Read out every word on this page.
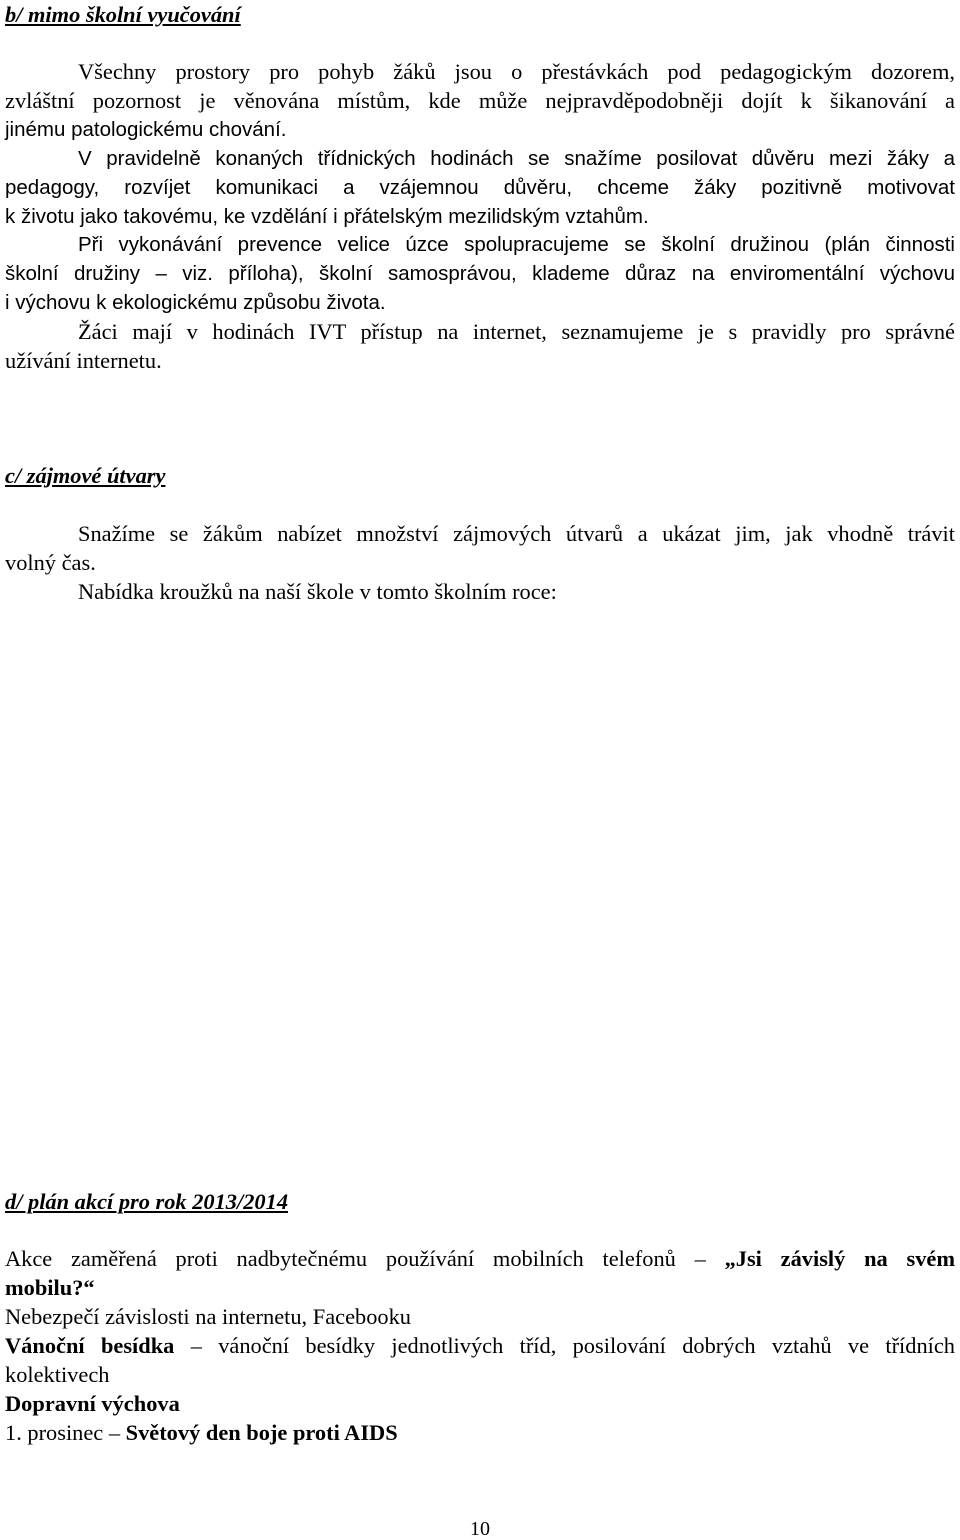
b/ mimo školní vyučování
Všechny prostory pro pohyb žáků jsou o přestávkách pod pedagogickým dozorem,
zvláštní pozornost je věnována místům, kde může nejpravděpodobněji dojít k šikanování a
jinému patologickému chování.
V pravidelně konaných třídnických hodinách se snažíme posilovat důvěru mezi žáky a
pedagogy, rozvíjet komunikaci a vzájemnou důvěru, chceme žáky pozitivně motivovat
k životu jako takovému, ke vzdělání i přátelským mezilidským vztahům.
Při vykonávání prevence velice úzce spolupracujeme se školní družinou (plán činnosti
školní družiny – viz. příloha), školní samosprávou, klademe důraz na enviromentální výchovu
i výchovu k ekologickému způsobu života.
Žáci mají v hodinách IVT přístup na internet, seznamujeme je s pravidly pro správné
užívání internetu.
c/ zájmové útvary
Snažíme se žákům nabízet množství zájmových útvarů a ukázat jim, jak vhodně trávit
volný čas.
Nabídka kroužků na naší škole v tomto školním roce:
d/ plán akcí pro rok 2013/2014
Akce zaměřená proti nadbytečnému používání mobilních telefonů – „Jsi závislý na svém
mobilu?“
Nebezpečí závislosti na internetu, Facebooku
Vánoční besídka – vánoční besídky jednotlivých tříd, posilování dobrých vztahů ve třídních
kolektivech
Dopravní výchova
1. prosinec – Světový den boje proti AIDS
10
